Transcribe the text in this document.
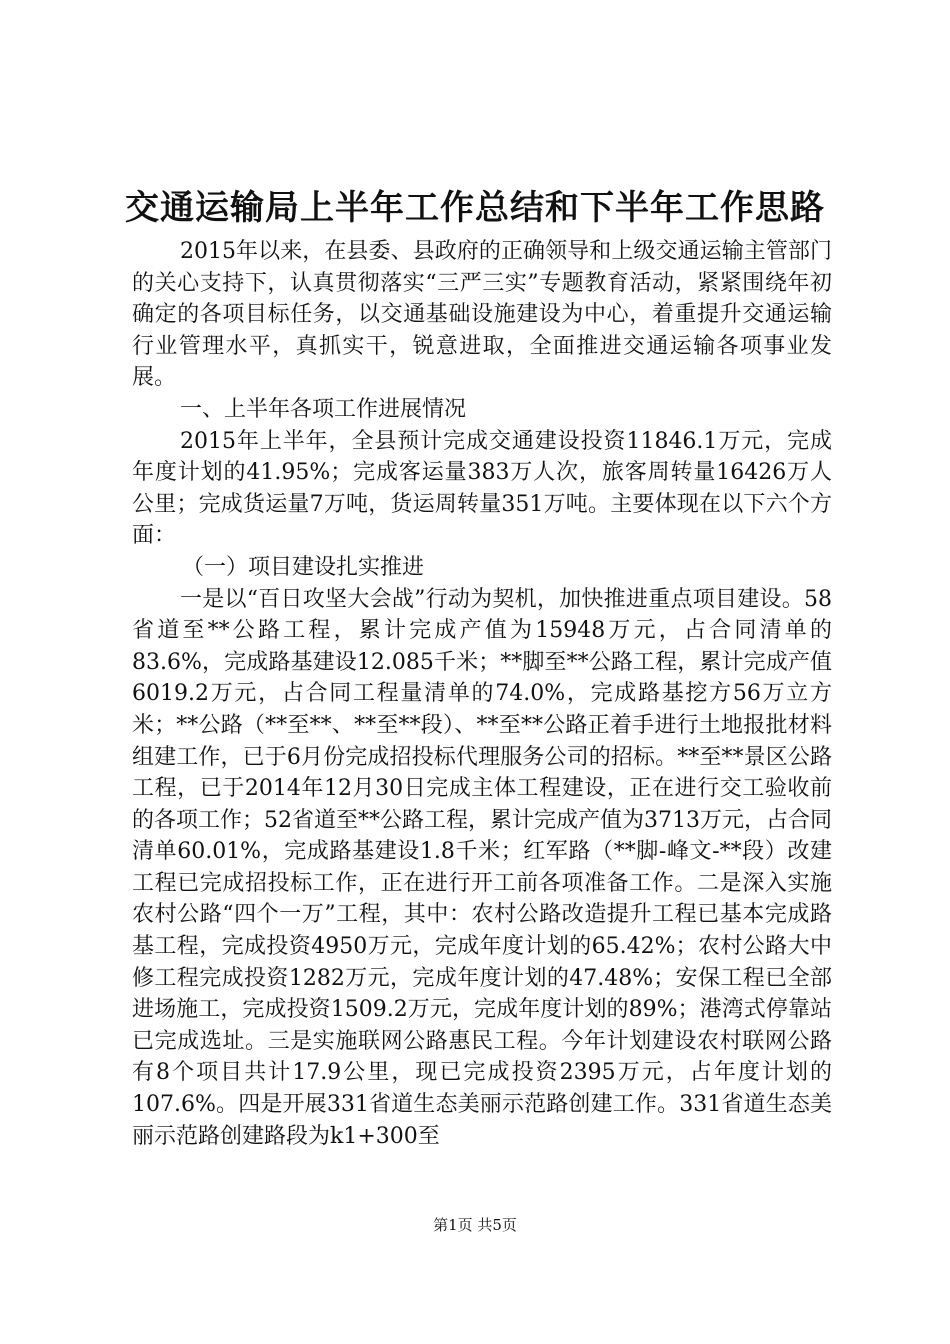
交通运输局上半年工作总结和下半年工作思路

2015年以来，在县委、县政府的正确领导和上级交通运输主管部门的关心支持下，认真贯彻落实“三严三实”专题教育活动，紧紧围绕年初确定的各项目标任务，以交通基础设施建设为中心，着重提升交通运输行业管理水平，真抓实干，锐意进取，全面推进交通运输各项事业发展。

一、上半年各项工作进展情况

2015年上半年，全县预计完成交通建设投资11846.1万元，完成年度计划的41.95%；完成客运量383万人次，旅客周转量16426万人公里；完成货运量7万吨，货运周转量351万吨。主要体现在以下六个方面：

（一）项目建设扎实推进

一是以“百日攻坚大会战”行动为契机，加快推进重点项目建设。58省道至**公路工程，累计完成产值为15948万元，占合同清单的83.6%，完成路基建设12.085千米；**脚至**公路工程，累计完成产值6019.2万元，占合同工程量清单的74.0%，完成路基挖方56万立方米；**公路（**至**、**至**段）、**至**公路正着手进行土地报批材料组建工作，已于6月份完成招投标代理服务公司的招标。**至**景区公路工程，已于2014年12月30日完成主体工程建设，正在进行交工验收前的各项工作；52省道至**公路工程，累计完成产值为3713万元，占合同清单60.01%，完成路基建设1.8千米；红军路（**脚-峰文-**段）改建工程已完成招投标工作，正在进行开工前各项准备工作。二是深入实施农村公路“四个一万”工程，其中：农村公路改造提升工程已基本完成路基工程，完成投资4950万元，完成年度计划的65.42%；农村公路大中修工程完成投资1282万元，完成年度计划的47.48%；安保工程已全部进场施工，完成投资1509.2万元，完成年度计划的89%；港湾式停靠站已完成选址。三是实施联网公路惠民工程。今年计划建设农村联网公路有8个项目共计17.9公里，现已完成投资2395万元，占年度计划的107.6%。四是开展331省道生态美丽示范路创建工作。331省道生态美丽示范路创建路段为k1+300至

第1页 共5页
